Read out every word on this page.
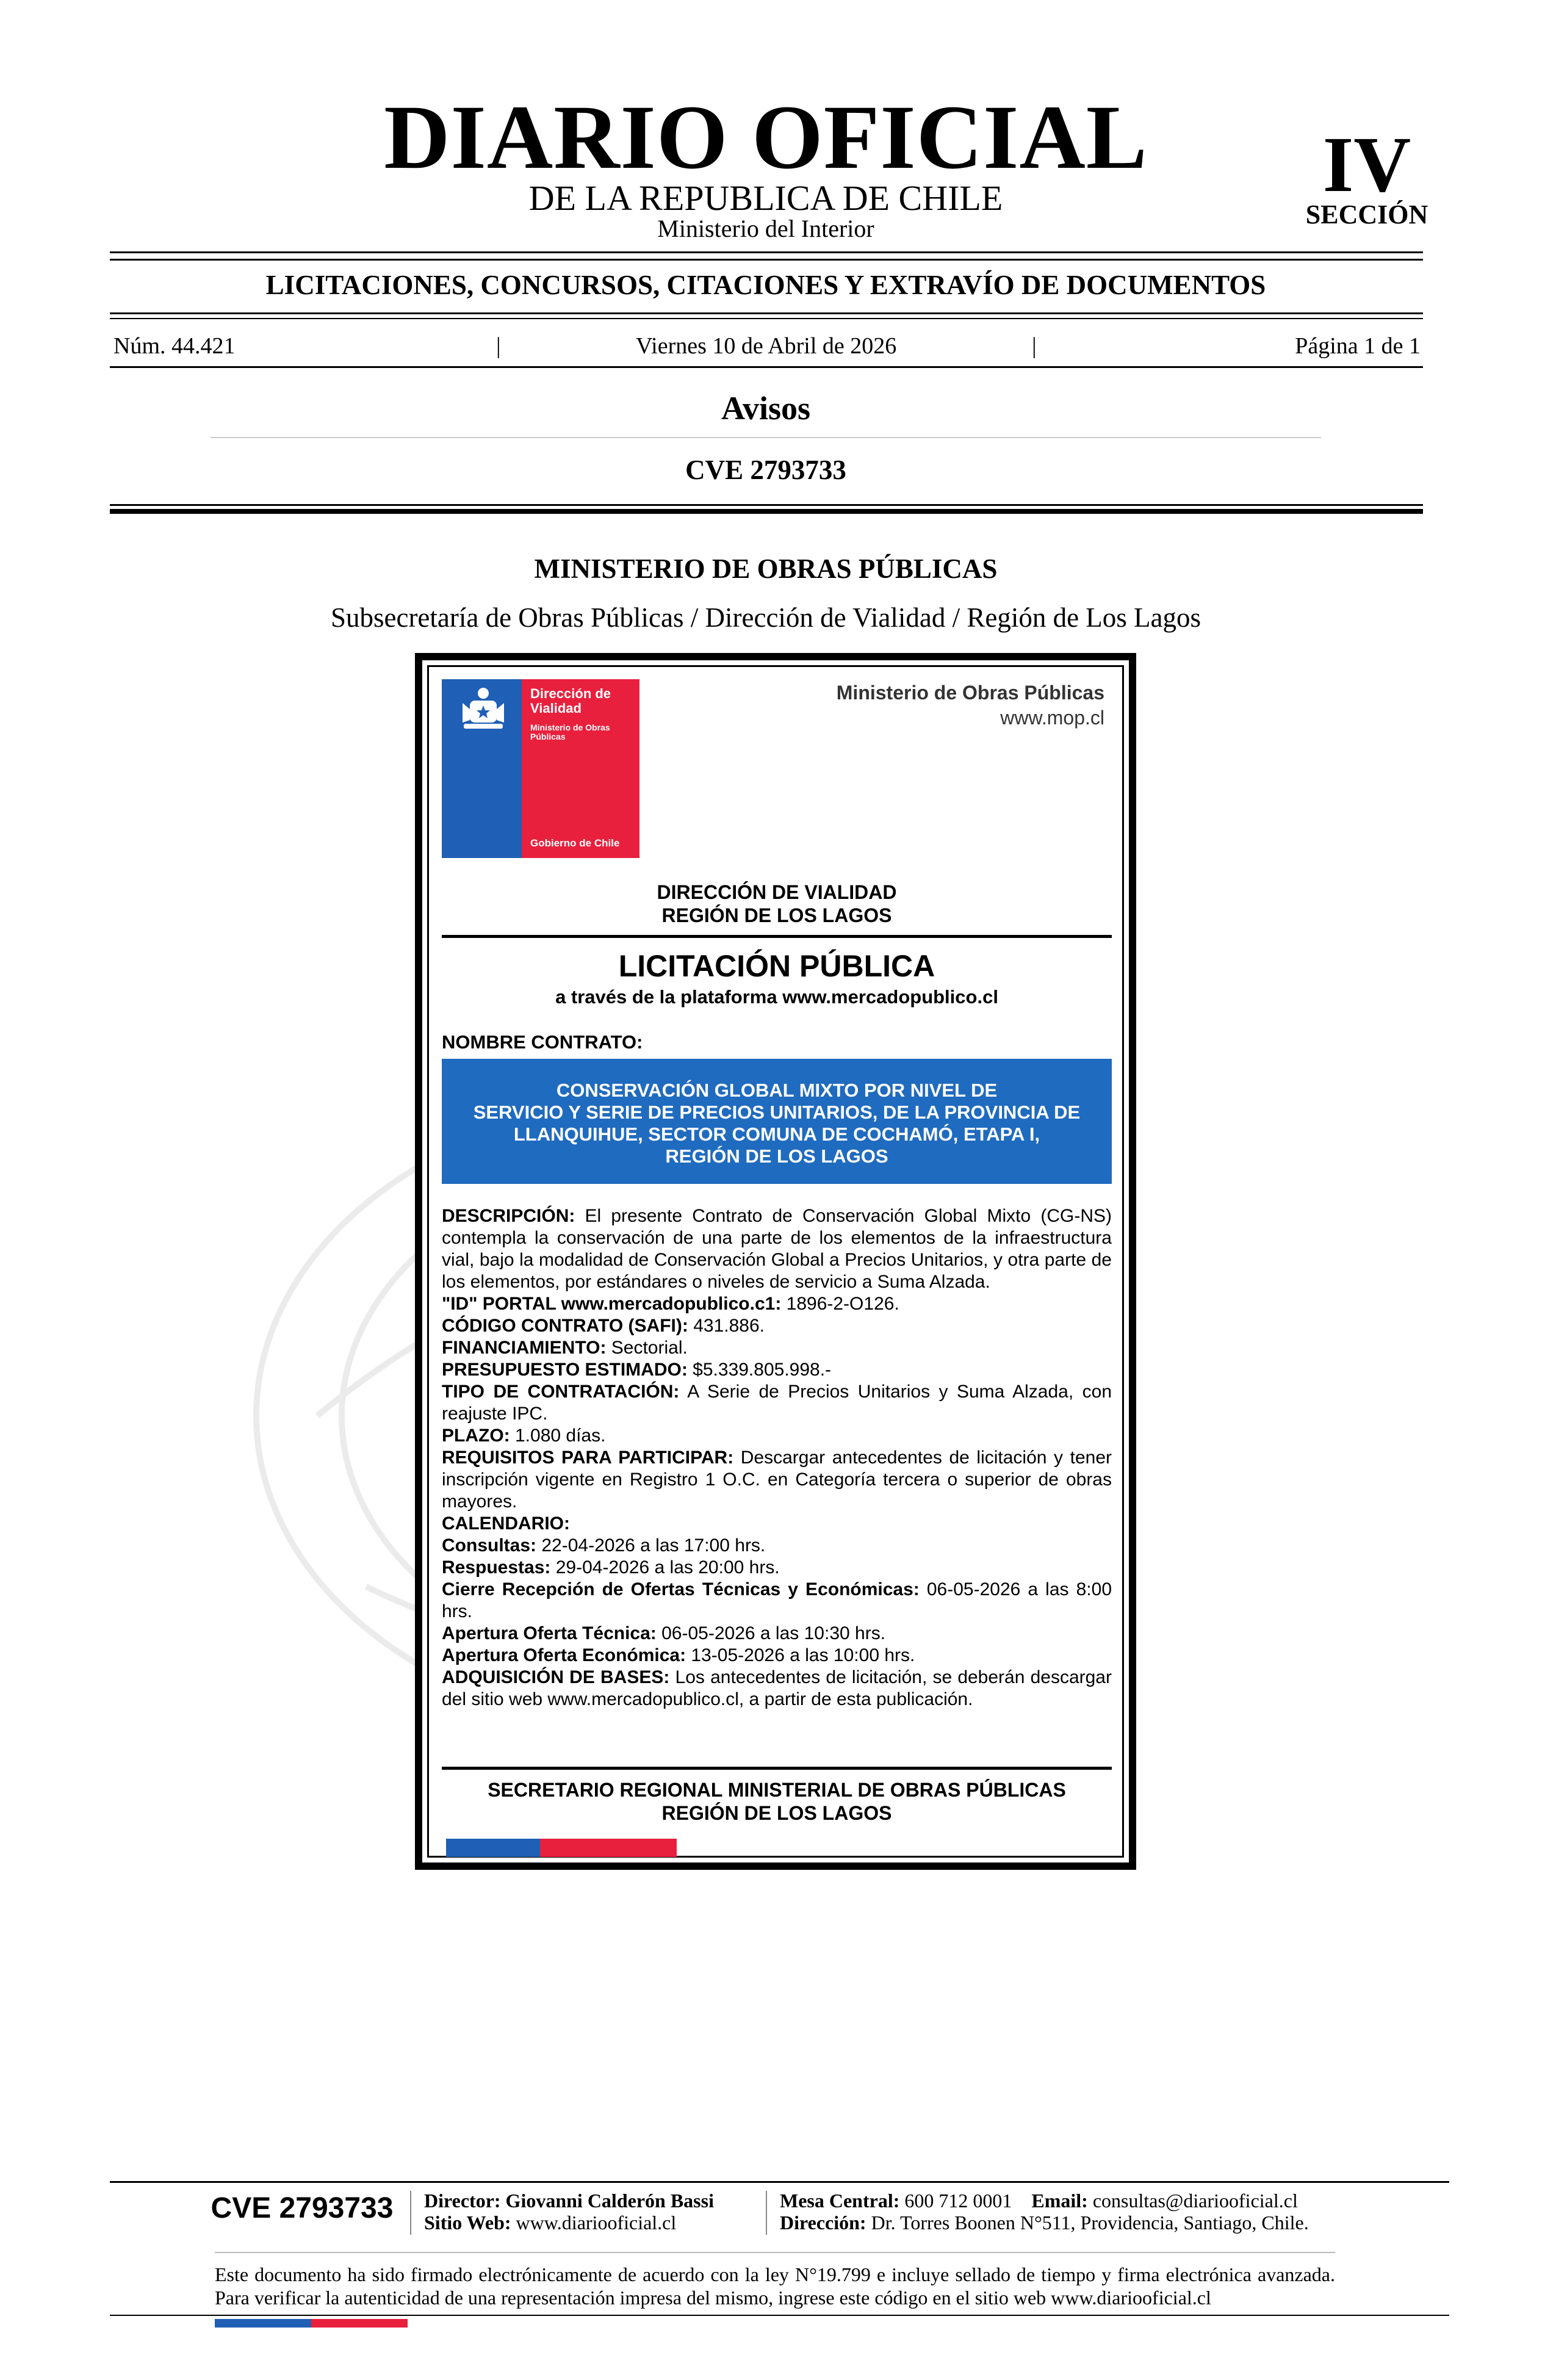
DIARIO OFICIAL
DE LA REPUBLICA DE CHILE
Ministerio del Interior
IV
SECCIÓN
LICITACIONES, CONCURSOS, CITACIONES Y EXTRAVÍO DE DOCUMENTOS
Núm. 44.421	|	Viernes 10 de Abril de 2026	|	Página 1 de 1
Avisos
CVE 2793733
MINISTERIO DE OBRAS PÚBLICAS
Subsecretaría de Obras Públicas / Dirección de Vialidad / Región de Los Lagos
Dirección de
Vialidad
Ministerio de Obras
Públicas
Gobierno de Chile
Ministerio de Obras Públicas
www.mop.cl
DIRECCIÓN DE VIALIDAD
REGIÓN DE LOS LAGOS
LICITACIÓN PÚBLICA
a través de la plataforma www.mercadopublico.cl
NOMBRE CONTRATO:
CONSERVACIÓN GLOBAL MIXTO POR NIVEL DE
SERVICIO Y SERIE DE PRECIOS UNITARIOS, DE LA PROVINCIA DE
LLANQUIHUE, SECTOR COMUNA DE COCHAMÓ, ETAPA I,
REGIÓN DE LOS LAGOS
DESCRIPCIÓN: El presente Contrato de Conservación Global Mixto (CG-NS) contempla la conservación de una parte de los elementos de la infraestructura vial, bajo la modalidad de Conservación Global a Precios Unitarios, y otra parte de los elementos, por estándares o niveles de servicio a Suma Alzada.
"ID" PORTAL www.mercadopublico.c1: 1896-2-O126.
CÓDIGO CONTRATO (SAFI): 431.886.
FINANCIAMIENTO: Sectorial.
PRESUPUESTO ESTIMADO: $5.339.805.998.-
TIPO DE CONTRATACIÓN: A Serie de Precios Unitarios y Suma Alzada, con reajuste IPC.
PLAZO: 1.080 días.
REQUISITOS PARA PARTICIPAR: Descargar antecedentes de licitación y tener inscripción vigente en Registro 1 O.C. en Categoría tercera o superior de obras mayores.
CALENDARIO:
Consultas: 22-04-2026 a las 17:00 hrs.
Respuestas: 29-04-2026 a las 20:00 hrs.
Cierre Recepción de Ofertas Técnicas y Económicas: 06-05-2026 a las 8:00 hrs.
Apertura Oferta Técnica: 06-05-2026 a las 10:30 hrs.
Apertura Oferta Económica: 13-05-2026 a las 10:00 hrs.
ADQUISICIÓN DE BASES: Los antecedentes de licitación, se deberán descargar del sitio web www.mercadopublico.cl, a partir de esta publicación.
SECRETARIO REGIONAL MINISTERIAL DE OBRAS PÚBLICAS
REGIÓN DE LOS LAGOS
CVE 2793733	Director: Giovanni Calderón Bassi
Sitio Web: www.diariooficial.cl
Mesa Central: 600 712 0001 Email: consultas@diariooficial.cl
Dirección: Dr. Torres Boonen N°511, Providencia, Santiago, Chile.
Este documento ha sido firmado electrónicamente de acuerdo con la ley N°19.799 e incluye sellado de tiempo y firma electrónica avanzada. Para verificar la autenticidad de una representación impresa del mismo, ingrese este código en el sitio web www.diariooficial.cl
